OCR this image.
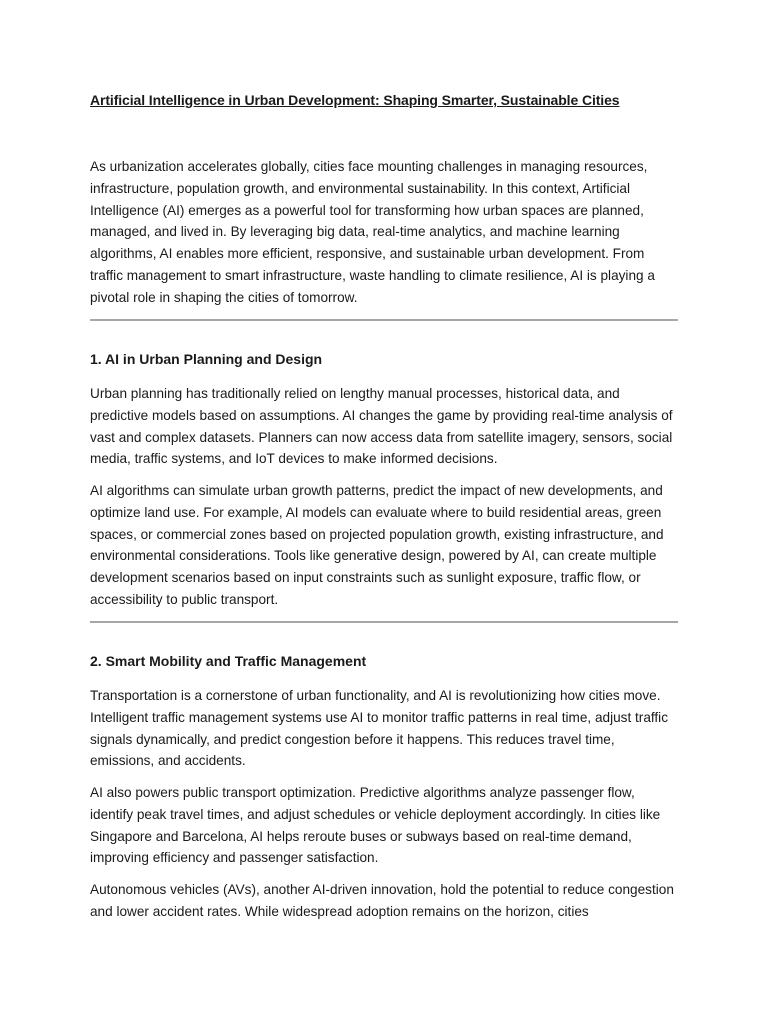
Artificial Intelligence in Urban Development: Shaping Smarter, Sustainable Cities

As urbanization accelerates globally, cities face mounting challenges in managing resources, infrastructure, population growth, and environmental sustainability. In this context, Artificial Intelligence (AI) emerges as a powerful tool for transforming how urban spaces are planned, managed, and lived in. By leveraging big data, real-time analytics, and machine learning algorithms, AI enables more efficient, responsive, and sustainable urban development. From traffic management to smart infrastructure, waste handling to climate resilience, AI is playing a pivotal role in shaping the cities of tomorrow.

1. AI in Urban Planning and Design

Urban planning has traditionally relied on lengthy manual processes, historical data, and predictive models based on assumptions. AI changes the game by providing real-time analysis of vast and complex datasets. Planners can now access data from satellite imagery, sensors, social media, traffic systems, and IoT devices to make informed decisions.

AI algorithms can simulate urban growth patterns, predict the impact of new developments, and optimize land use. For example, AI models can evaluate where to build residential areas, green spaces, or commercial zones based on projected population growth, existing infrastructure, and environmental considerations. Tools like generative design, powered by AI, can create multiple development scenarios based on input constraints such as sunlight exposure, traffic flow, or accessibility to public transport.

2. Smart Mobility and Traffic Management

Transportation is a cornerstone of urban functionality, and AI is revolutionizing how cities move. Intelligent traffic management systems use AI to monitor traffic patterns in real time, adjust traffic signals dynamically, and predict congestion before it happens. This reduces travel time, emissions, and accidents.

AI also powers public transport optimization. Predictive algorithms analyze passenger flow, identify peak travel times, and adjust schedules or vehicle deployment accordingly. In cities like Singapore and Barcelona, AI helps reroute buses or subways based on real-time demand, improving efficiency and passenger satisfaction.

Autonomous vehicles (AVs), another AI-driven innovation, hold the potential to reduce congestion and lower accident rates. While widespread adoption remains on the horizon, cities
